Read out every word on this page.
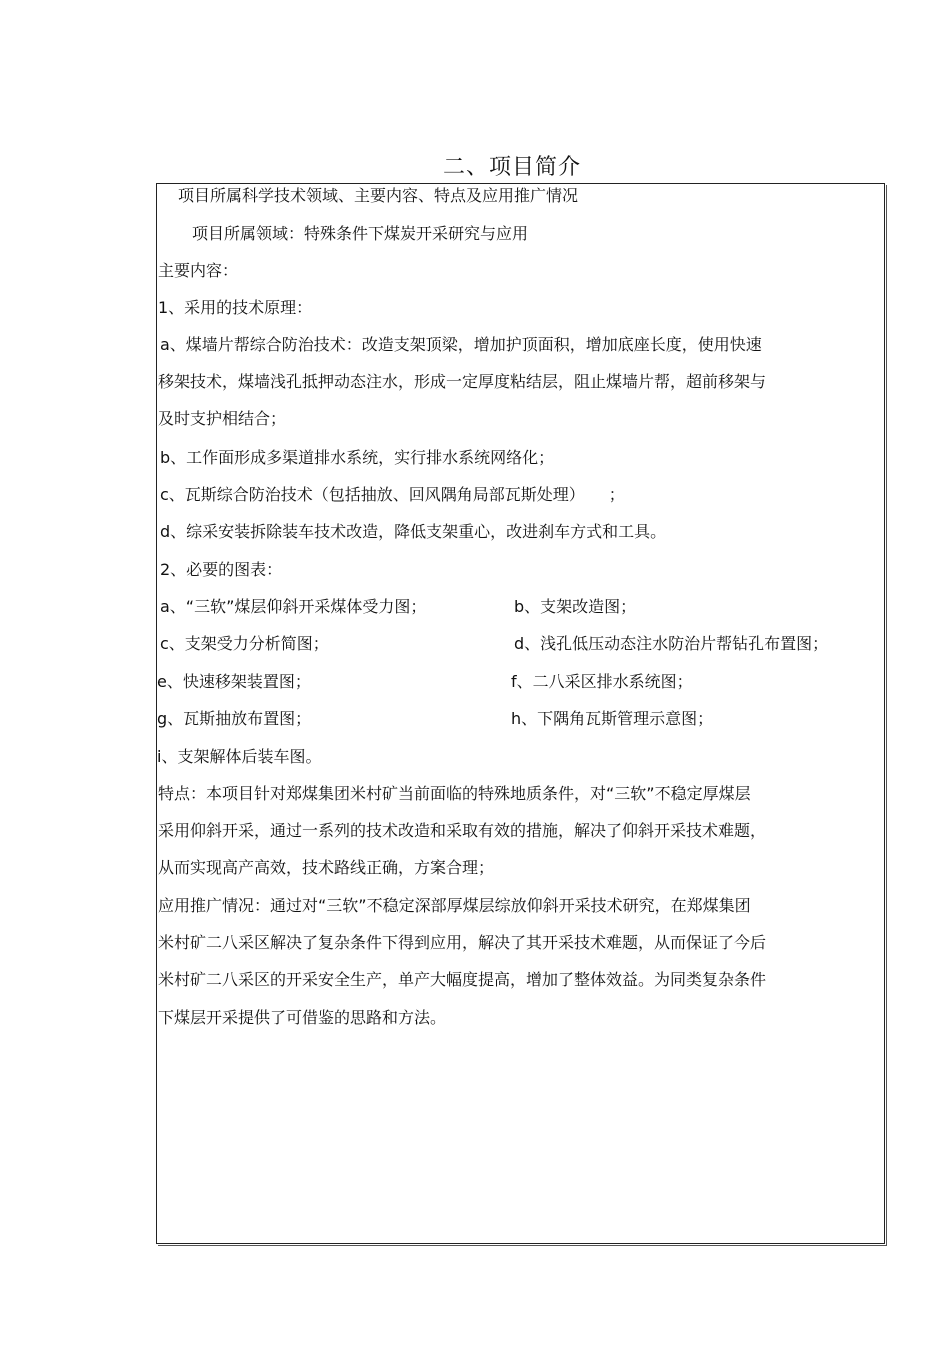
二、项目简介
项目所属科学技术领域、主要内容、特点及应用推广情况
项目所属领域：特殊条件下煤炭开采研究与应用
主要内容：
1、采用的技术原理：
a、煤墙片帮综合防治技术：改造支架顶梁，增加护顶面积，增加底座长度，使用快速
移架技术，煤墙浅孔抵押动态注水，形成一定厚度粘结层，阻止煤墙片帮，超前移架与
及时支护相结合；
b、工作面形成多渠道排水系统，实行排水系统网络化；
c、瓦斯综合防治技术（包括抽放、回风隅角局部瓦斯处理）　　；
d、综采安装拆除装车技术改造，降低支架重心，改进刹车方式和工具。
2、必要的图表：
a、“三软”煤层仰斜开采煤体受力图；	b、支架改造图；
c、支架受力分析简图；	d、浅孔低压动态注水防治片帮钻孔布置图；
e、快速移架装置图；	f、二八采区排水系统图；
g、瓦斯抽放布置图；	h、下隅角瓦斯管理示意图；
i、支架解体后装车图。
特点：本项目针对郑煤集团米村矿当前面临的特殊地质条件，对“三软”不稳定厚煤层
采用仰斜开采，通过一系列的技术改造和采取有效的措施，解决了仰斜开采技术难题，
从而实现高产高效，技术路线正确，方案合理；
应用推广情况：通过对“三软”不稳定深部厚煤层综放仰斜开采技术研究，在郑煤集团
米村矿二八采区解决了复杂条件下得到应用，解决了其开采技术难题，从而保证了今后
米村矿二八采区的开采安全生产，单产大幅度提高，增加了整体效益。为同类复杂条件
下煤层开采提供了可借鉴的思路和方法。
